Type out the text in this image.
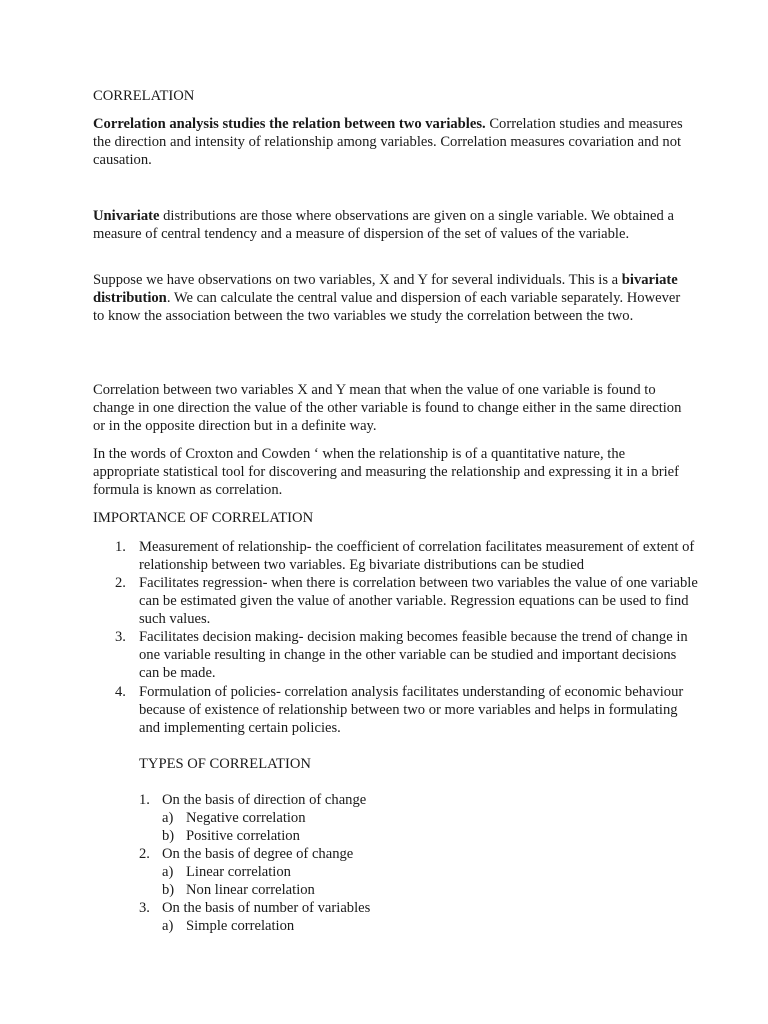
CORRELATION

Correlation analysis studies the relation between two variables. Correlation studies and measures the direction and intensity of relationship among variables. Correlation measures covariation and not causation.

Univariate distributions are those where observations are given on a single variable. We obtained a measure of central tendency and a measure of dispersion of the set of values of the variable.

Suppose we have observations on two variables, X and Y for several individuals. This is a bivariate distribution. We can calculate the central value and dispersion of each variable separately. However to know the association between the two variables we study the correlation between the two.

Correlation between two variables X and Y mean that when the value of one variable is found to change in one direction the value of the other variable is found to change either in the same direction or in the opposite direction but in a definite way.

In the words of Croxton and Cowden ‘ when the relationship is of a quantitative nature, the appropriate statistical tool for discovering and measuring the relationship and expressing it in a brief formula is known as correlation.

IMPORTANCE OF CORRELATION
1. Measurement of relationship- the coefficient of correlation facilitates measurement of extent of relationship between two variables. Eg bivariate distributions can be studied

2. Facilitates regression- when there is correlation between two variables the value of one variable can be estimated given the value of another variable. Regression equations can be used to find such values.

3. Facilitates decision making- decision making becomes feasible because the trend of change in one variable resulting in change in the other variable can be studied and important decisions can be made.

4. Formulation of policies- correlation analysis facilitates understanding of economic behaviour because of existence of relationship between two or more variables and helps in formulating and implementing certain policies.

TYPES OF CORRELATION
1. On the basis of direction of change
a) Negative correlation
b) Positive correlation
2. On the basis of degree of change
a) Linear correlation
b) Non linear correlation
3. On the basis of number of variables
a) Simple correlation
